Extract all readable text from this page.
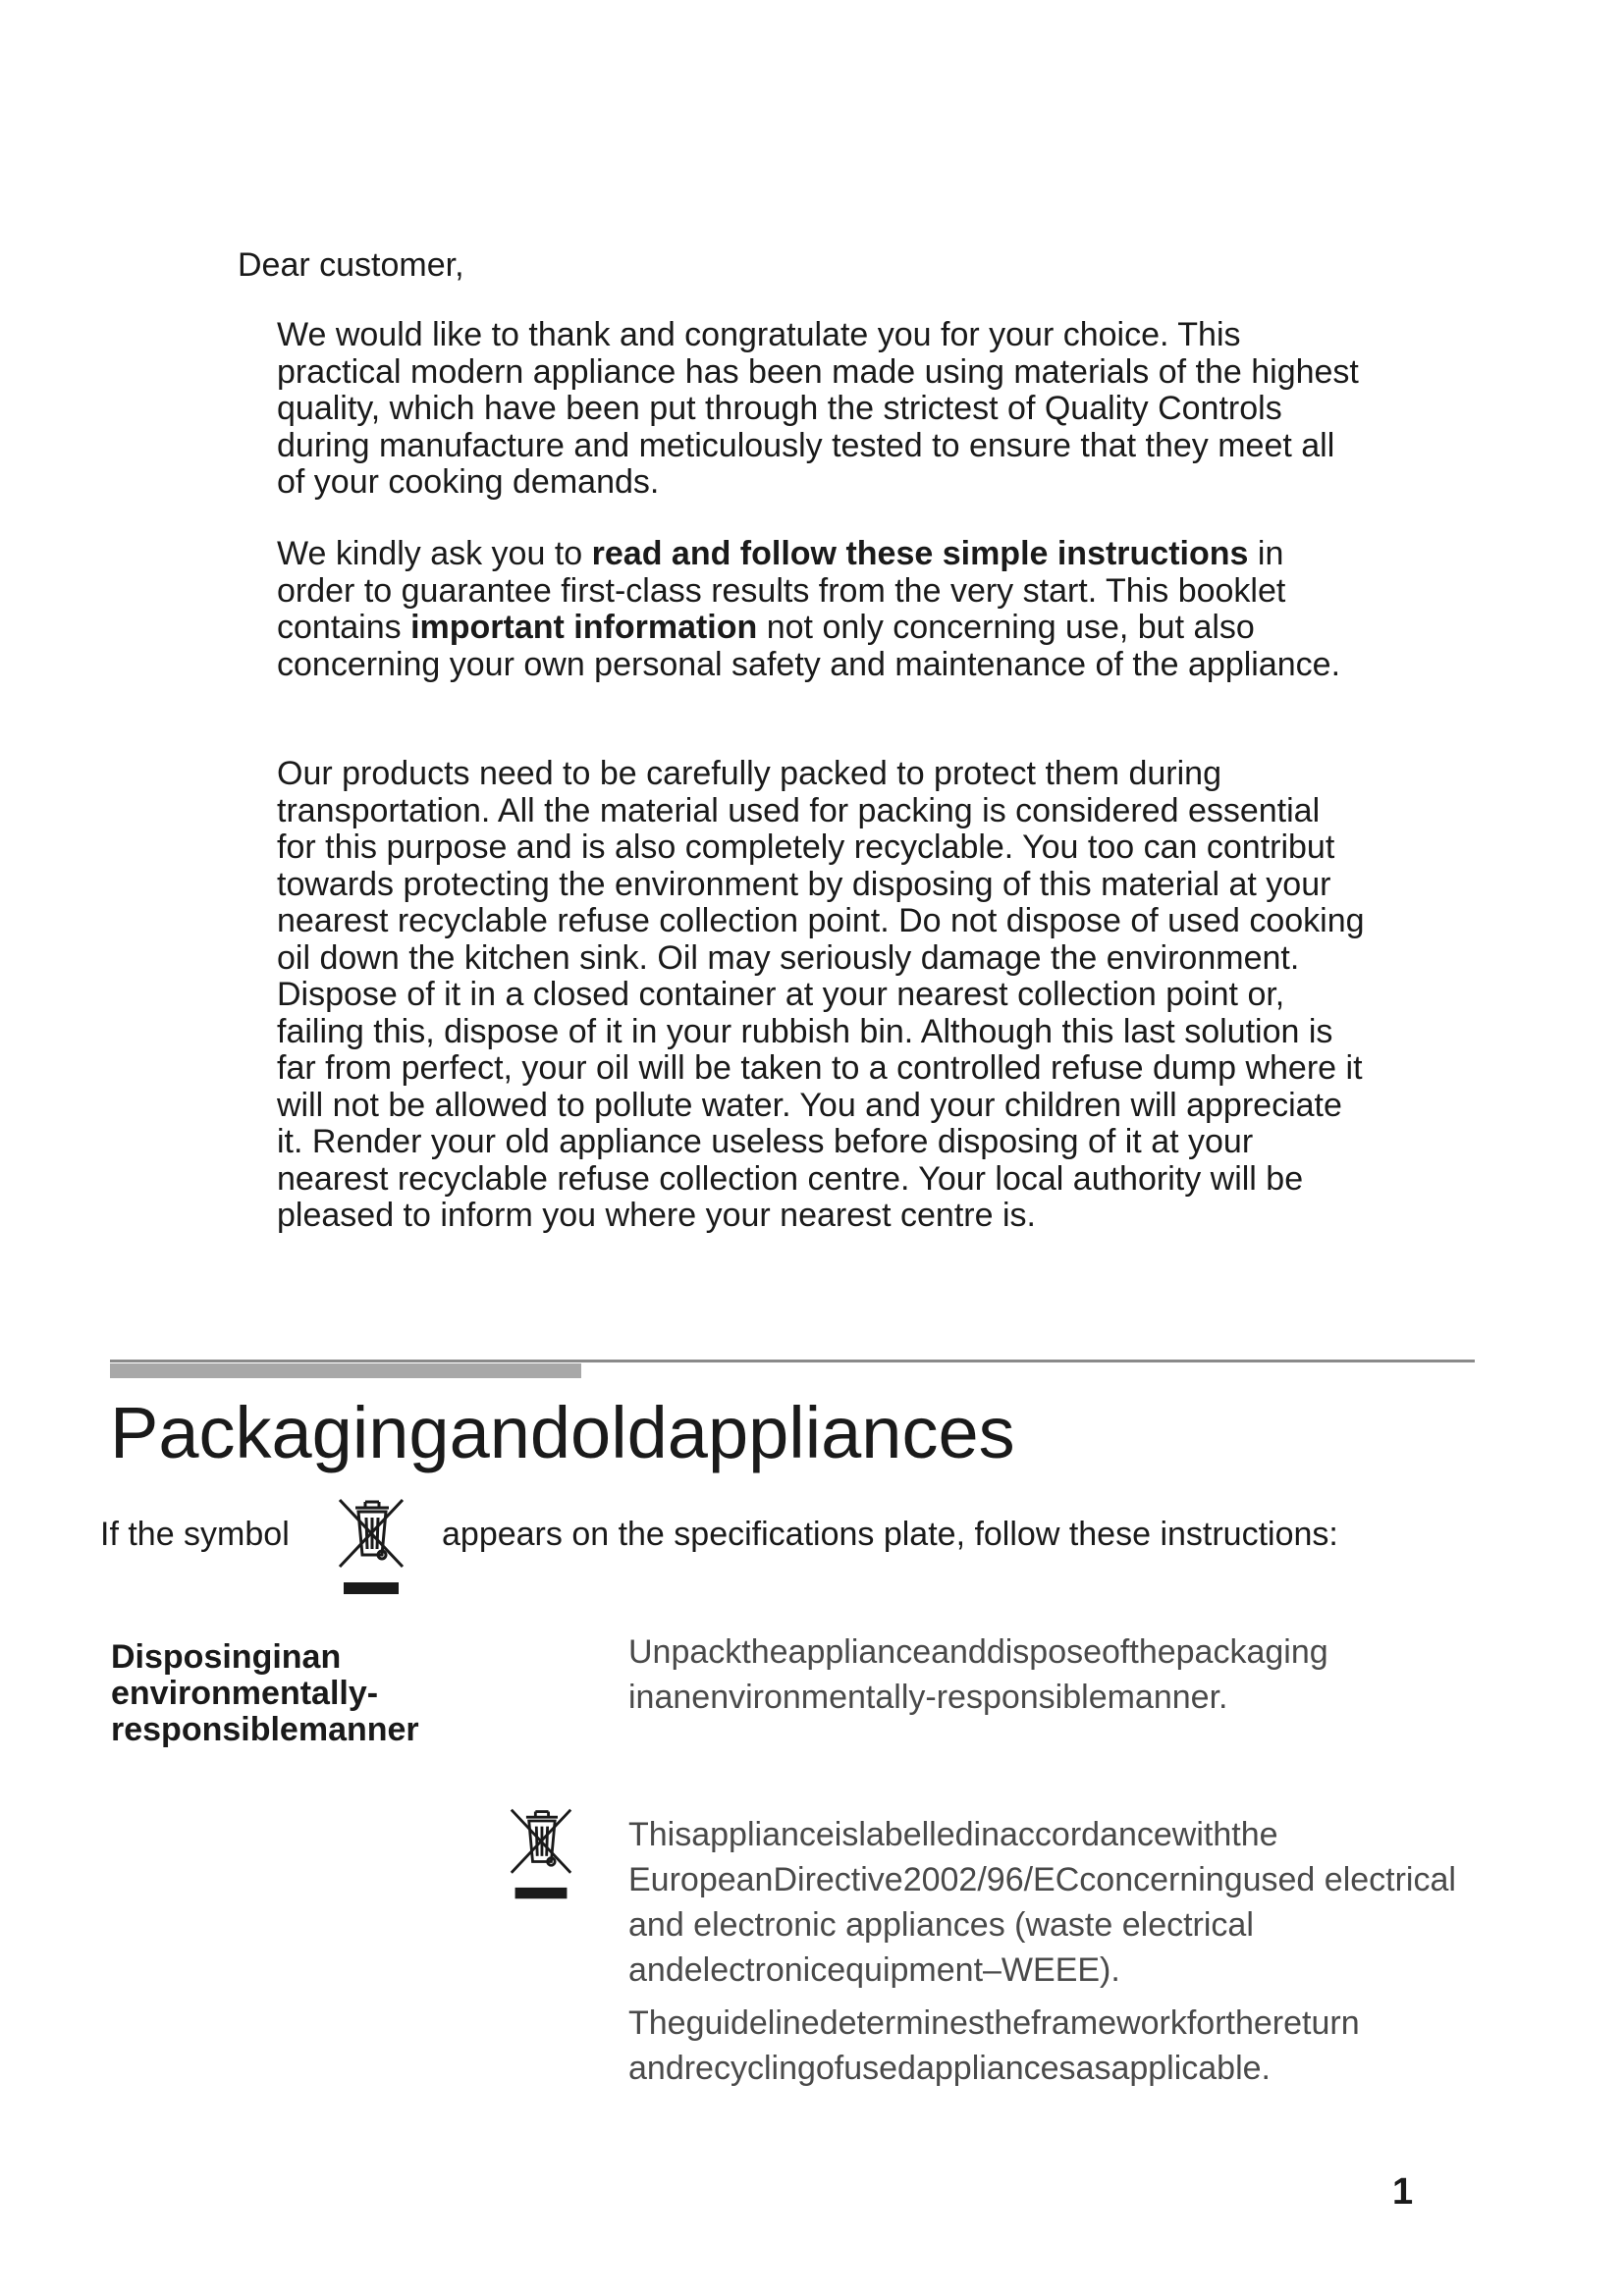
Dear customer,

We would like to thank and congratulate you for your choice. This practical modern appliance has been made using materials of the highest quality, which have been put through the strictest of Quality Controls during manufacture and meticulously tested to ensure that they meet all of your cooking demands.

We kindly ask you to read and follow these simple instructions in order to guarantee first-class results from the very start. This booklet contains important information not only concerning use, but also concerning your own personal safety and maintenance of the appliance.

Our products need to be carefully packed to protect them during transportation. All the material used for packing is considered essential for this purpose and is also completely recyclable. You too can contribut towards protecting the environment by disposing of this material at your nearest recyclable refuse collection point. Do not dispose of used cooking oil down the kitchen sink. Oil may seriously damage the environment. Dispose of it in a closed container at your nearest collection point or, failing this, dispose of it in your rubbish bin. Although this last solution is far from perfect, your oil will be taken to a controlled refuse dump where it will not be allowed to pollute water. You and your children will appreciate it. Render your old appliance useless before disposing of it at your nearest recyclable refuse collection centre. Your local authority will be pleased to inform you where your nearest centre is.

Packagingandoldappliances
If the symbol	appears on the specifications plate, follow these instructions:
Disposinginan
environmentally-
responsiblemanner

Unpacktheapplianceanddisposeofthepackaging inanenvironmentally-responsiblemanner.

Thisapplianceislabelledinaccordancewiththe EuropeanDirective2002/96/ECconcerningused electrical and electronic appliances (waste electrical andelectronicequipment–WEEE).

Theguidelinedeterminestheframeworkforthereturn andrecyclingofusedappliancesasapplicable.

1
